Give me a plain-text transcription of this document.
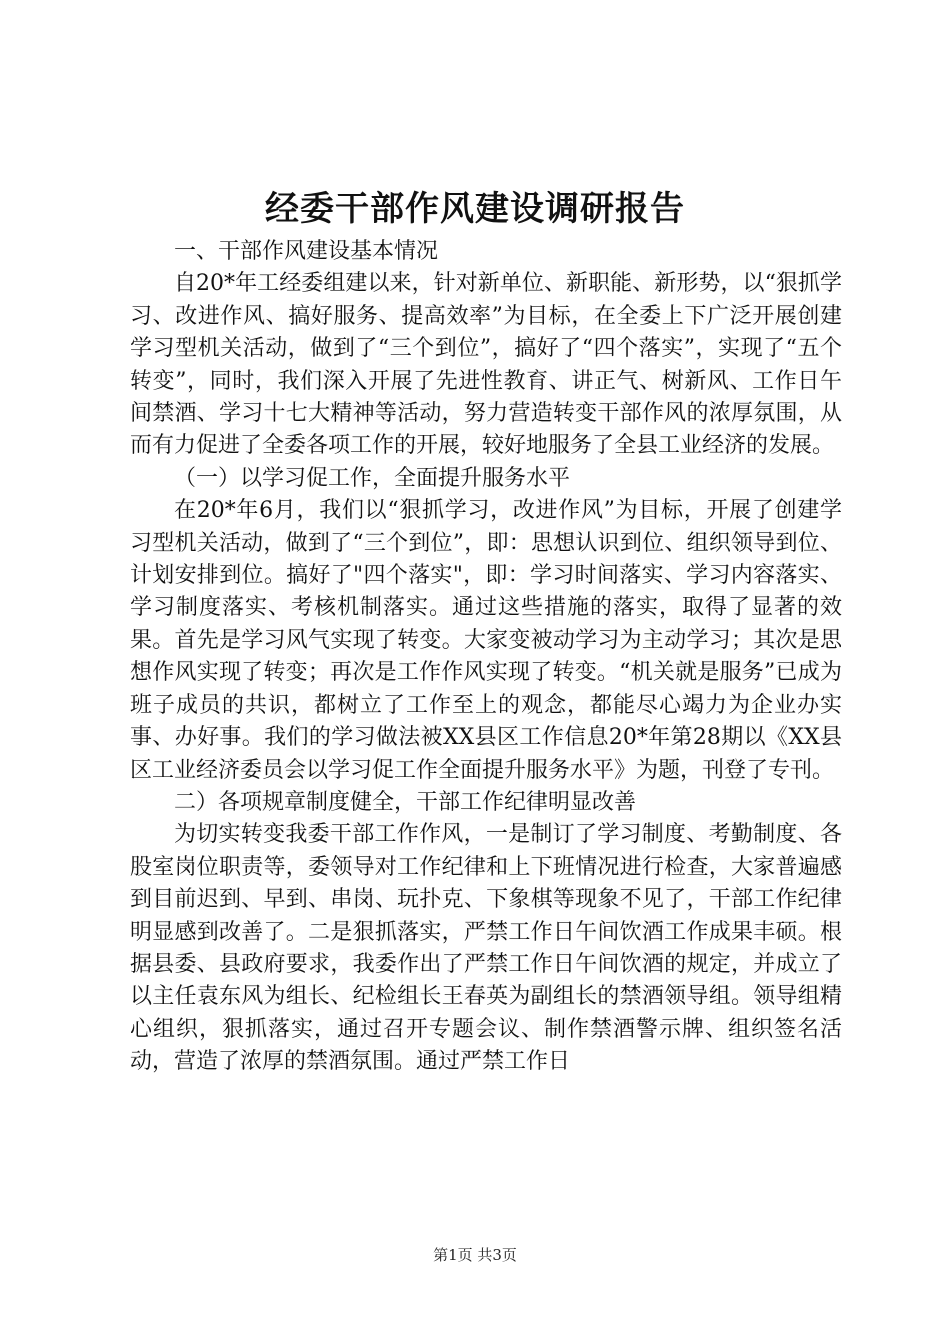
经委干部作风建设调研报告

一、干部作风建设基本情况

自20*年工经委组建以来，针对新单位、新职能、新形势，以“狠抓学习、改进作风、搞好服务、提高效率”为目标，在全委上下广泛开展创建学习型机关活动，做到了“三个到位”，搞好了“四个落实”，实现了“五个转变”，同时，我们深入开展了先进性教育、讲正气、树新风、工作日午间禁酒、学习十七大精神等活动，努力营造转变干部作风的浓厚氛围，从而有力促进了全委各项工作的开展，较好地服务了全县工业经济的发展。

（一）以学习促工作，全面提升服务水平

在20*年6月，我们以“狠抓学习，改进作风”为目标，开展了创建学习型机关活动，做到了“三个到位”，即：思想认识到位、组织领导到位、计划安排到位。搞好了"四个落实"，即：学习时间落实、学习内容落实、学习制度落实、考核机制落实。通过这些措施的落实，取得了显著的效果。首先是学习风气实现了转变。大家变被动学习为主动学习；其次是思想作风实现了转变；再次是工作作风实现了转变。“机关就是服务”已成为班子成员的共识，都树立了工作至上的观念，都能尽心竭力为企业办实事、办好事。我们的学习做法被XX县区工作信息20*年第28期以《XX县区工业经济委员会以学习促工作全面提升服务水平》为题，刊登了专刊。

二）各项规章制度健全，干部工作纪律明显改善

为切实转变我委干部工作作风，一是制订了学习制度、考勤制度、各股室岗位职责等，委领导对工作纪律和上下班情况进行检查，大家普遍感到目前迟到、早到、串岗、玩扑克、下象棋等现象不见了，干部工作纪律明显感到改善了。二是狠抓落实，严禁工作日午间饮酒工作成果丰硕。根据县委、县政府要求，我委作出了严禁工作日午间饮酒的规定，并成立了以主任袁东风为组长、纪检组长王春英为副组长的禁酒领导组。领导组精心组织，狠抓落实，通过召开专题会议、制作禁酒警示牌、组织签名活动，营造了浓厚的禁酒氛围。通过严禁工作日

第1页 共3页
